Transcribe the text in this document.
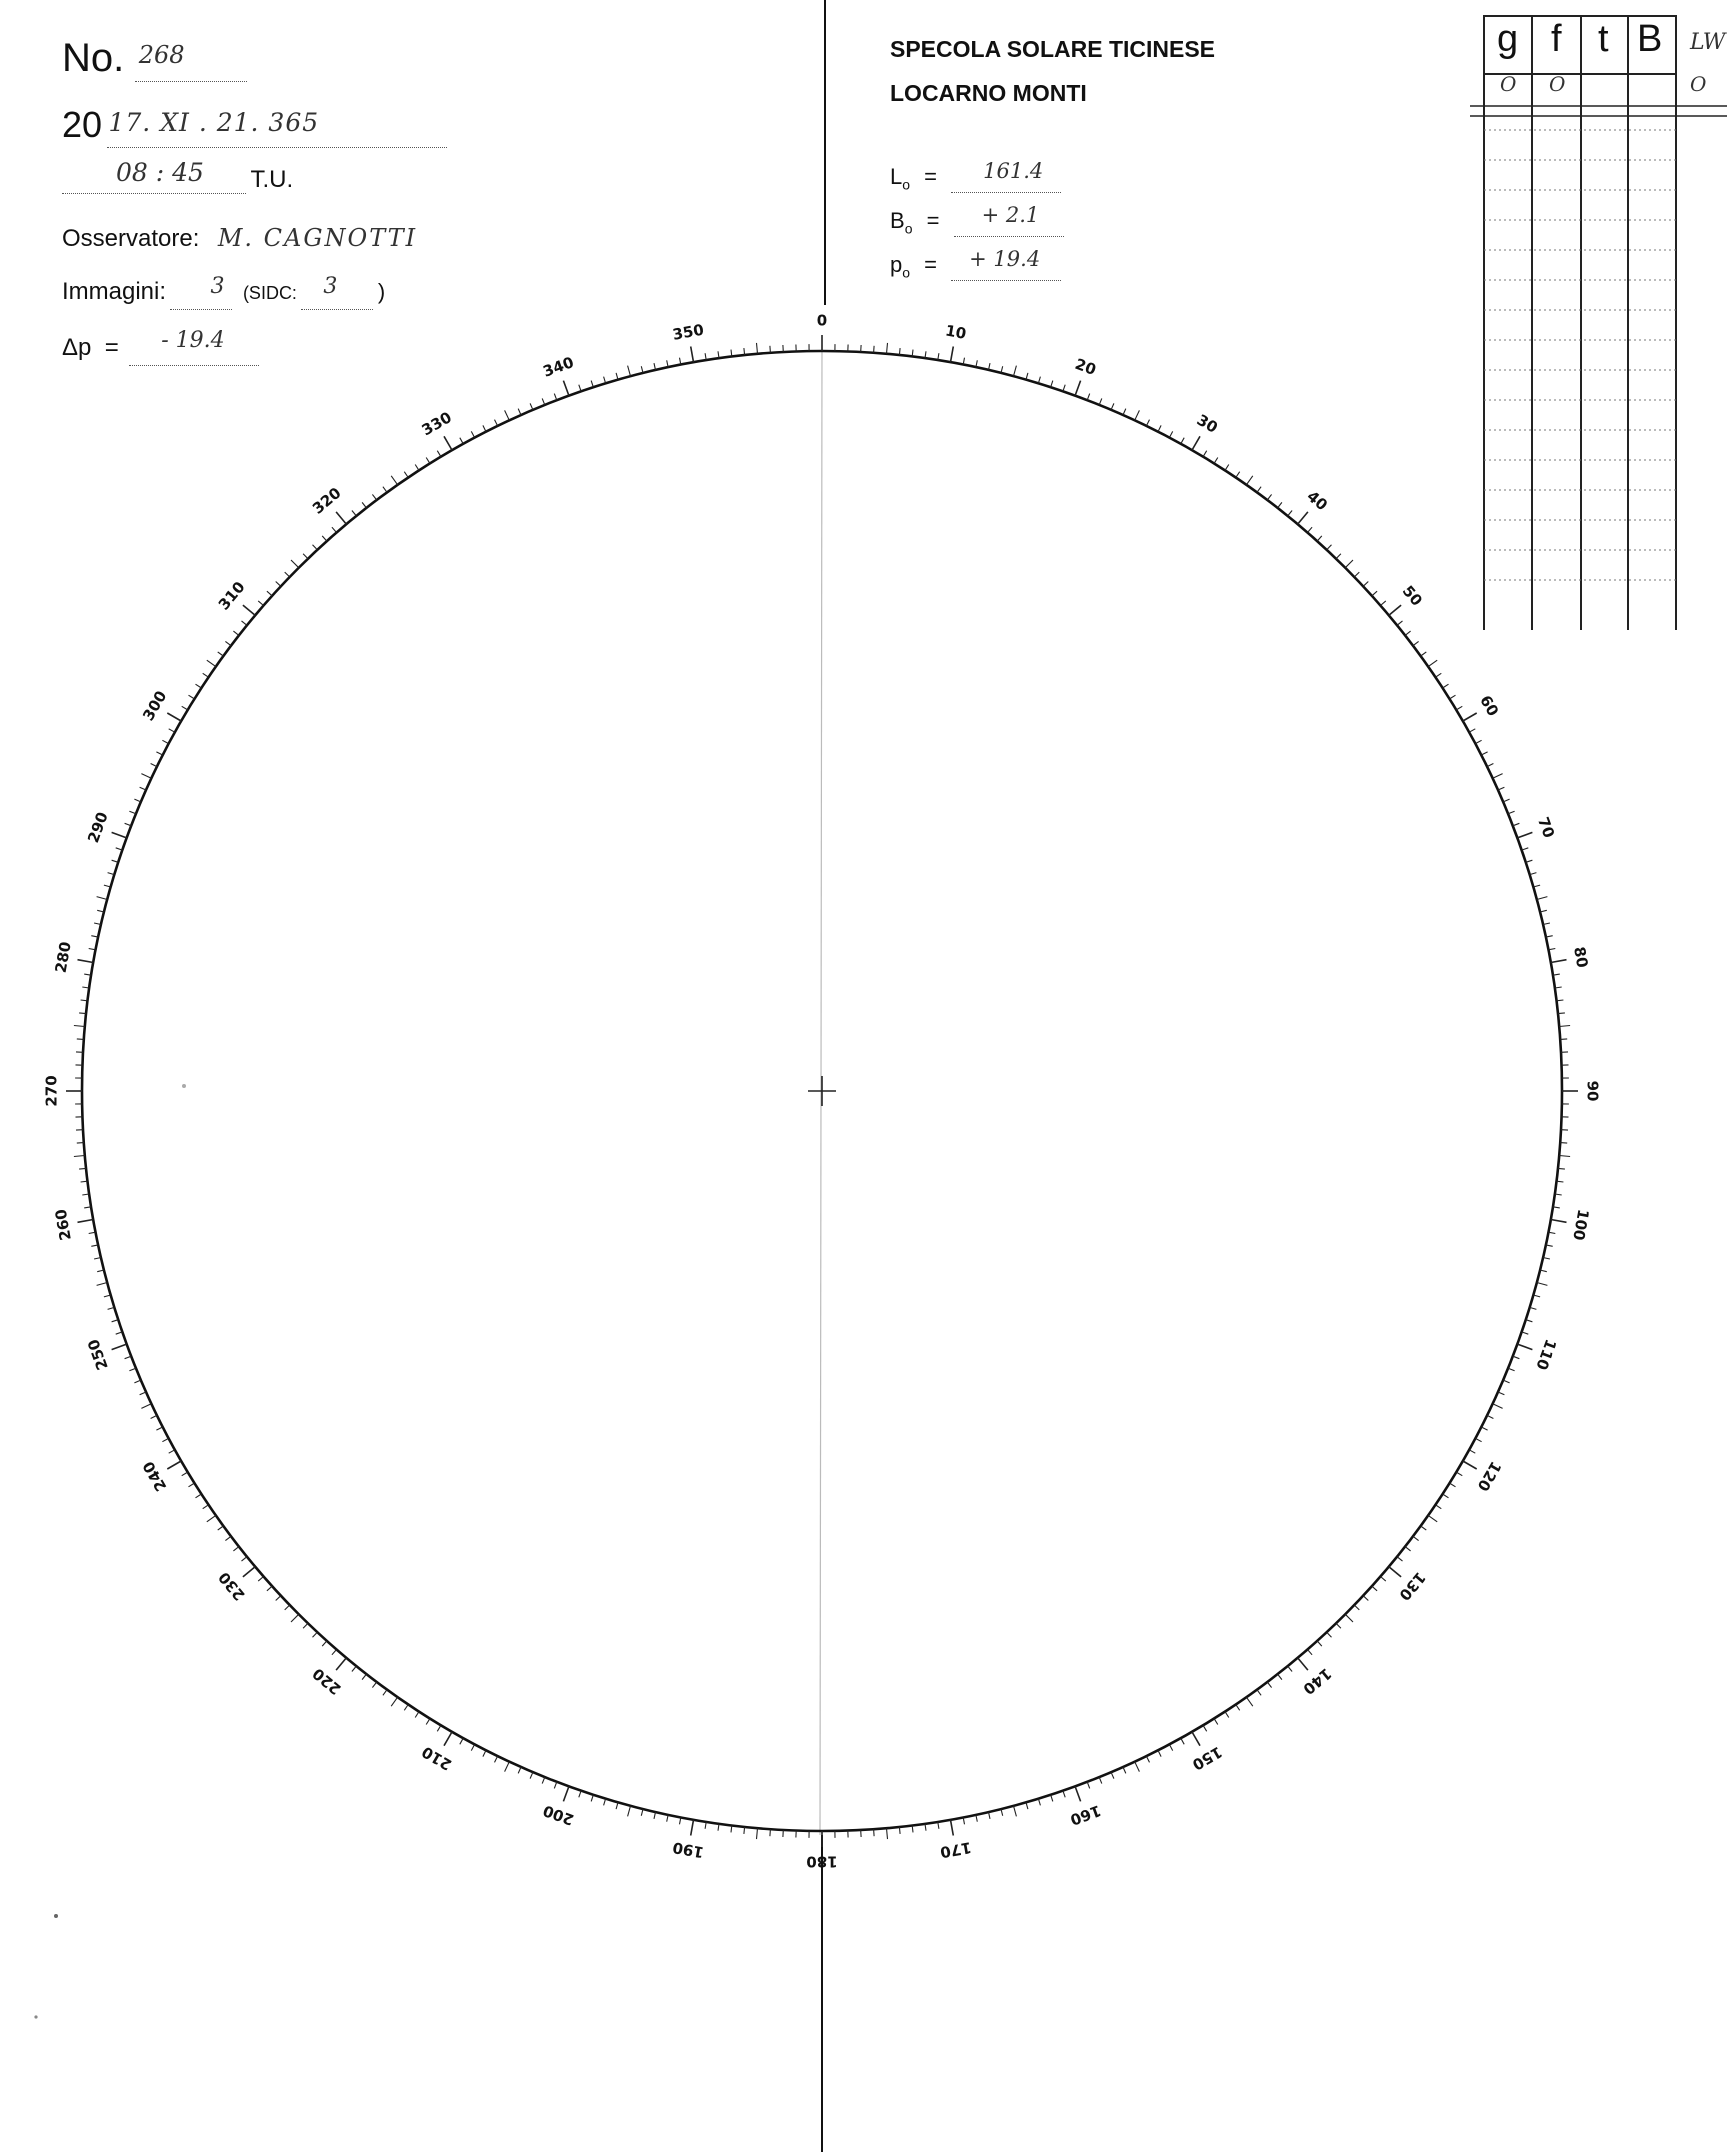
0
10
20
30
40
50
60
70
80
90
100
110
120
130
140
150
160
170
180
190
200
210
220
230
240
250
260
270
280
290
300
310
320
330
340
350
No. 268
20 17. XI . 21. 365
08 : 45 T.U.
Osservatore: M. CAGNOTTI
Immagini: 3 (SIDC: 3 )
Δp  = - 19.4
SPECOLA SOLARE TICINESE
LOCARNO MONTI
$L_o = 161.4$
$B_o$ = + 2.1
$p_o$ = + 19.4
g f t B LW
O O	O
